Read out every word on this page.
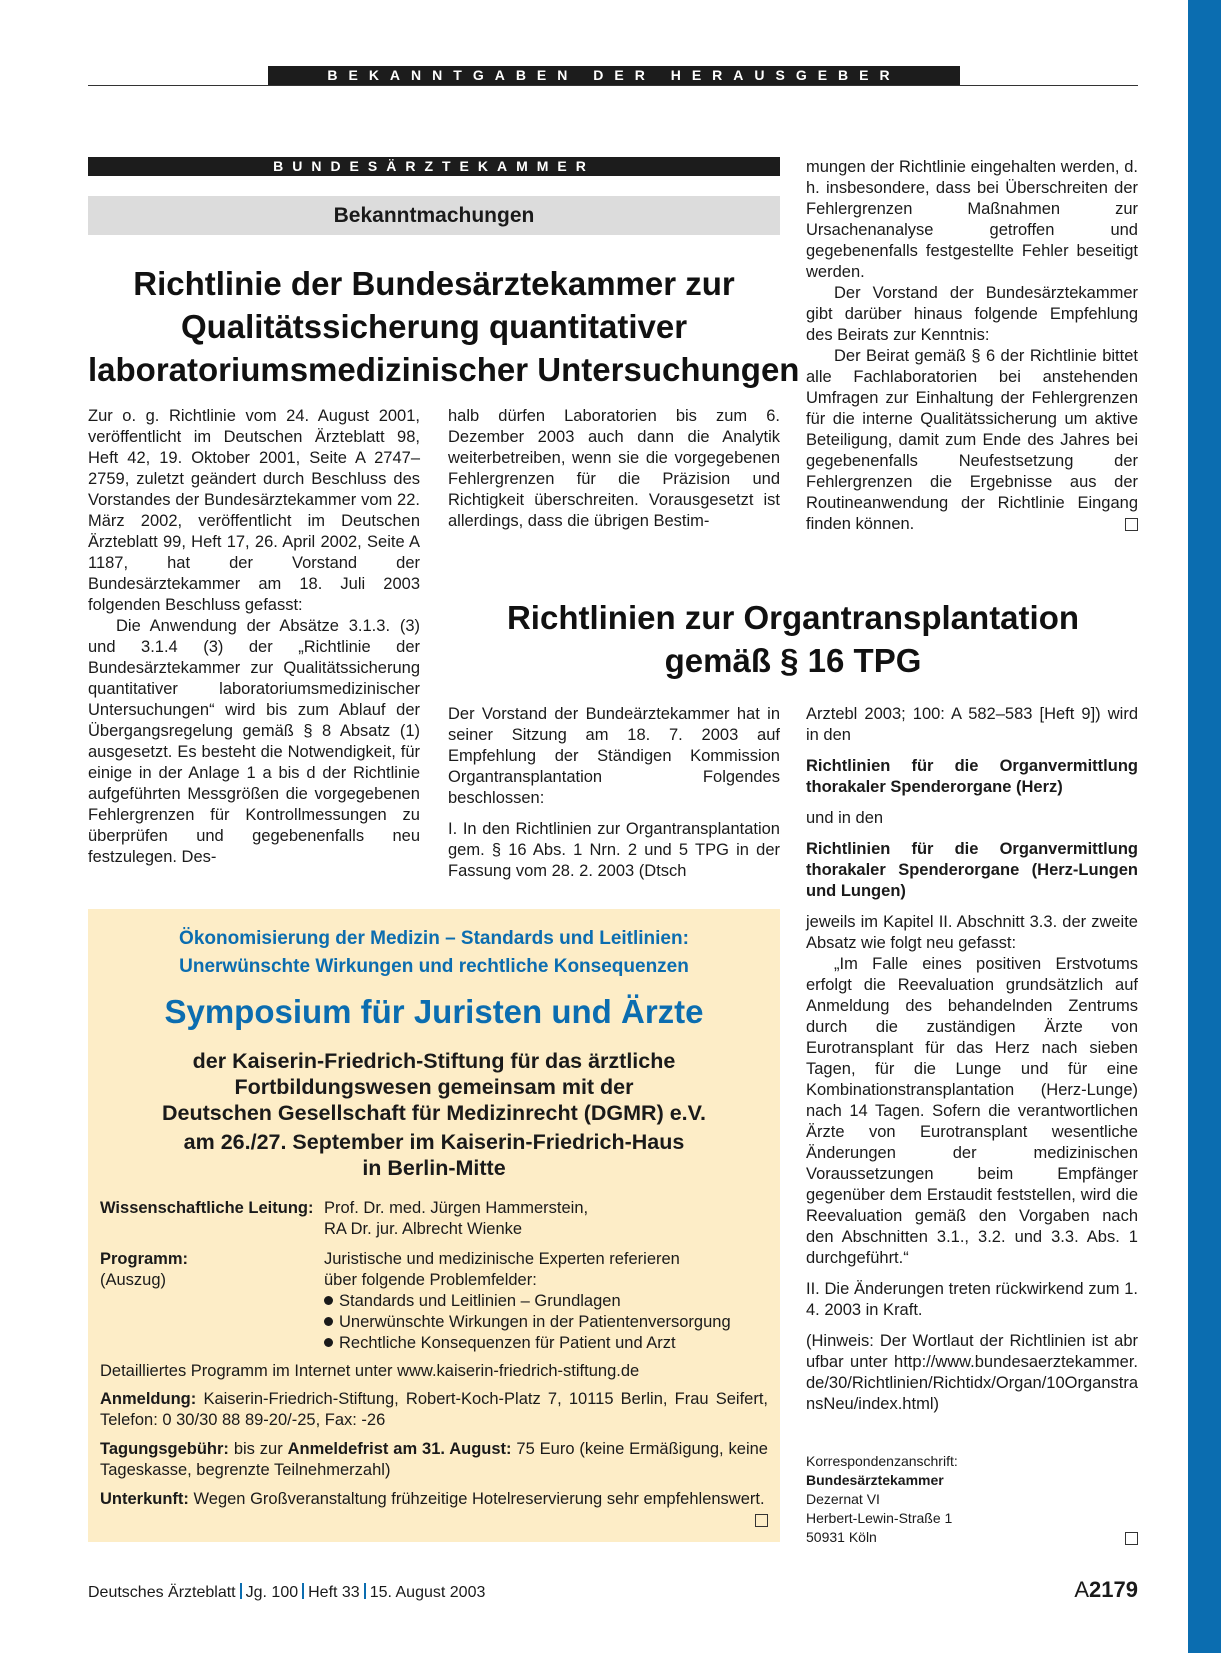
BEKANNTGABEN DER HERAUSGEBER
BUNDESÄRZTEKAMMER
Bekanntmachungen
Richtlinie der Bundesärztekammer zur
Qualitätssicherung quantitativer
laboratoriumsmedizinischer Untersuchungen

Zur o. g. Richtlinie vom 24. August 2001, veröffentlicht im Deutschen Ärzteblatt 98, Heft 42, 19. Oktober 2001, Seite A 2747–2759, zuletzt geändert durch Beschluss des Vorstandes der Bundesärztekammer vom 22. März 2002, veröffentlicht im Deutschen Ärzteblatt 99, Heft 17, 26. April 2002, Seite A 1187, hat der Vorstand der Bundesärztekammer am 18. Juli 2003 folgenden Beschluss gefasst:

Die Anwendung der Absätze 3.1.3. (3) und 3.1.4 (3) der „Richtlinie der Bundesärztekammer zur Qualitätssicherung quantitativer laboratoriumsmedizinischer Untersuchungen“ wird bis zum Ablauf der Übergangsregelung gemäß § 8 Absatz (1) ausgesetzt. Es besteht die Notwendigkeit, für einige in der Anlage 1 a bis d der Richtlinie aufgeführten Messgrößen die vorgegebenen Fehlergrenzen für Kontrollmessungen zu überprüfen und gegebenenfalls neu festzulegen. Des-

halb dürfen Laboratorien bis zum 6. Dezember 2003 auch dann die Analytik weiterbetreiben, wenn sie die vorgegebenen Fehlergrenzen für die Präzision und Richtigkeit überschreiten. Vorausgesetzt ist allerdings, dass die übrigen Bestim-

mungen der Richtlinie eingehalten werden, d. h. insbesondere, dass bei Überschreiten der Fehlergrenzen Maßnahmen zur Ursachenanalyse getroffen und gegebenenfalls festgestellte Fehler beseitigt werden.

Der Vorstand der Bundesärztekammer gibt darüber hinaus folgende Empfehlung des Beirats zur Kenntnis:

Der Beirat gemäß § 6 der Richtlinie bittet alle Fachlaboratorien bei anstehenden Umfragen zur Einhaltung der Fehlergrenzen für die interne Qualitätssicherung um aktive Beteiligung, damit zum Ende des Jahres bei gegebenenfalls Neufestsetzung der Fehlergrenzen die Ergebnisse aus der Routineanwendung der Richtlinie Eingang finden können.

Richtlinien zur Organtransplantation
gemäß § 16 TPG

Der Vorstand der Bundeärztekammer hat in seiner Sitzung am 18. 7. 2003 auf Empfehlung der Ständigen Kommission Organtransplantation Folgendes beschlossen:

I. In den Richtlinien zur Organtransplantation gem. § 16 Abs. 1 Nrn. 2 und 5 TPG in der Fassung vom 28. 2. 2003 (Dtsch

Arztebl 2003; 100: A 582–583 [Heft 9]) wird in den

Richtlinien für die Organvermittlung thorakaler Spenderorgane (Herz)

und in den

Richtlinien für die Organvermittlung thorakaler Spenderorgane (Herz-Lungen und Lungen)

jeweils im Kapitel II. Abschnitt 3.3. der zweite Absatz wie folgt neu gefasst:

„Im Falle eines positiven Erstvotums erfolgt die Reevaluation grundsätzlich auf Anmeldung des behandelnden Zentrums durch die zuständigen Ärzte von Eurotransplant für das Herz nach sieben Tagen, für die Lunge und für eine Kombinationstransplantation (Herz-Lunge) nach 14 Tagen. Sofern die verantwortlichen Ärzte von Eurotransplant wesentliche Änderungen der medizinischen Voraussetzungen beim Empfänger gegenüber dem Erstaudit feststellen, wird die Reevaluation gemäß den Vorgaben nach den Abschnitten 3.1., 3.2. und 3.3. Abs. 1 durchgeführt.“

II. Die Änderungen treten rückwirkend zum 1. 4. 2003 in Kraft.

(Hinweis: Der Wortlaut der Richtlinien ist abrufbar unter http://www.bundesaerztekammer.de/30/Richtlinien/Richtidx/Organ/10OrganstransNeu/index.html)

Korrespondenzanschrift:

Bundesärztekammer

Dezernat VI

Herbert-Lewin-Straße 1

50931 Köln

Ökonomisierung der Medizin – Standards und Leitlinien:
Unerwünschte Wirkungen und rechtliche Konsequenzen
Symposium für Juristen und Ärzte
der Kaiserin-Friedrich-Stiftung für das ärztliche
Fortbildungswesen gemeinsam mit der
Deutschen Gesellschaft für Medizinrecht (DGMR) e.V.
am 26./27. September im Kaiserin-Friedrich-Haus
in Berlin-Mitte
Wissenschaftliche Leitung: Prof. Dr. med. Jürgen Hammerstein,
RA Dr. jur. Albrecht Wienke
Programm:
(Auszug)
Juristische und medizinische Experten referieren
über folgende Problemfelder:
Standards und Leitlinien – Grundlagen
Unerwünschte Wirkungen in der Patientenversorgung
Rechtliche Konsequenzen für Patient und Arzt
Detailliertes Programm im Internet unter www.kaiserin-friedrich-stiftung.de
Anmeldung: Kaiserin-Friedrich-Stiftung, Robert-Koch-Platz 7, 10115 Berlin, Frau Seifert, Telefon: 0 30/30 88 89-20/-25, Fax: -26
Tagungsgebühr: bis zur Anmeldefrist am 31. August: 75 Euro (keine Ermäßigung, keine Tageskasse, begrenzte Teilnehmerzahl)
Unterkunft: Wegen Großveranstaltung frühzeitige Hotelreservierung sehr empfehlenswert.
Deutsches Ärzteblatt Jg. 100 Heft 33 15. August 2003	A2179
